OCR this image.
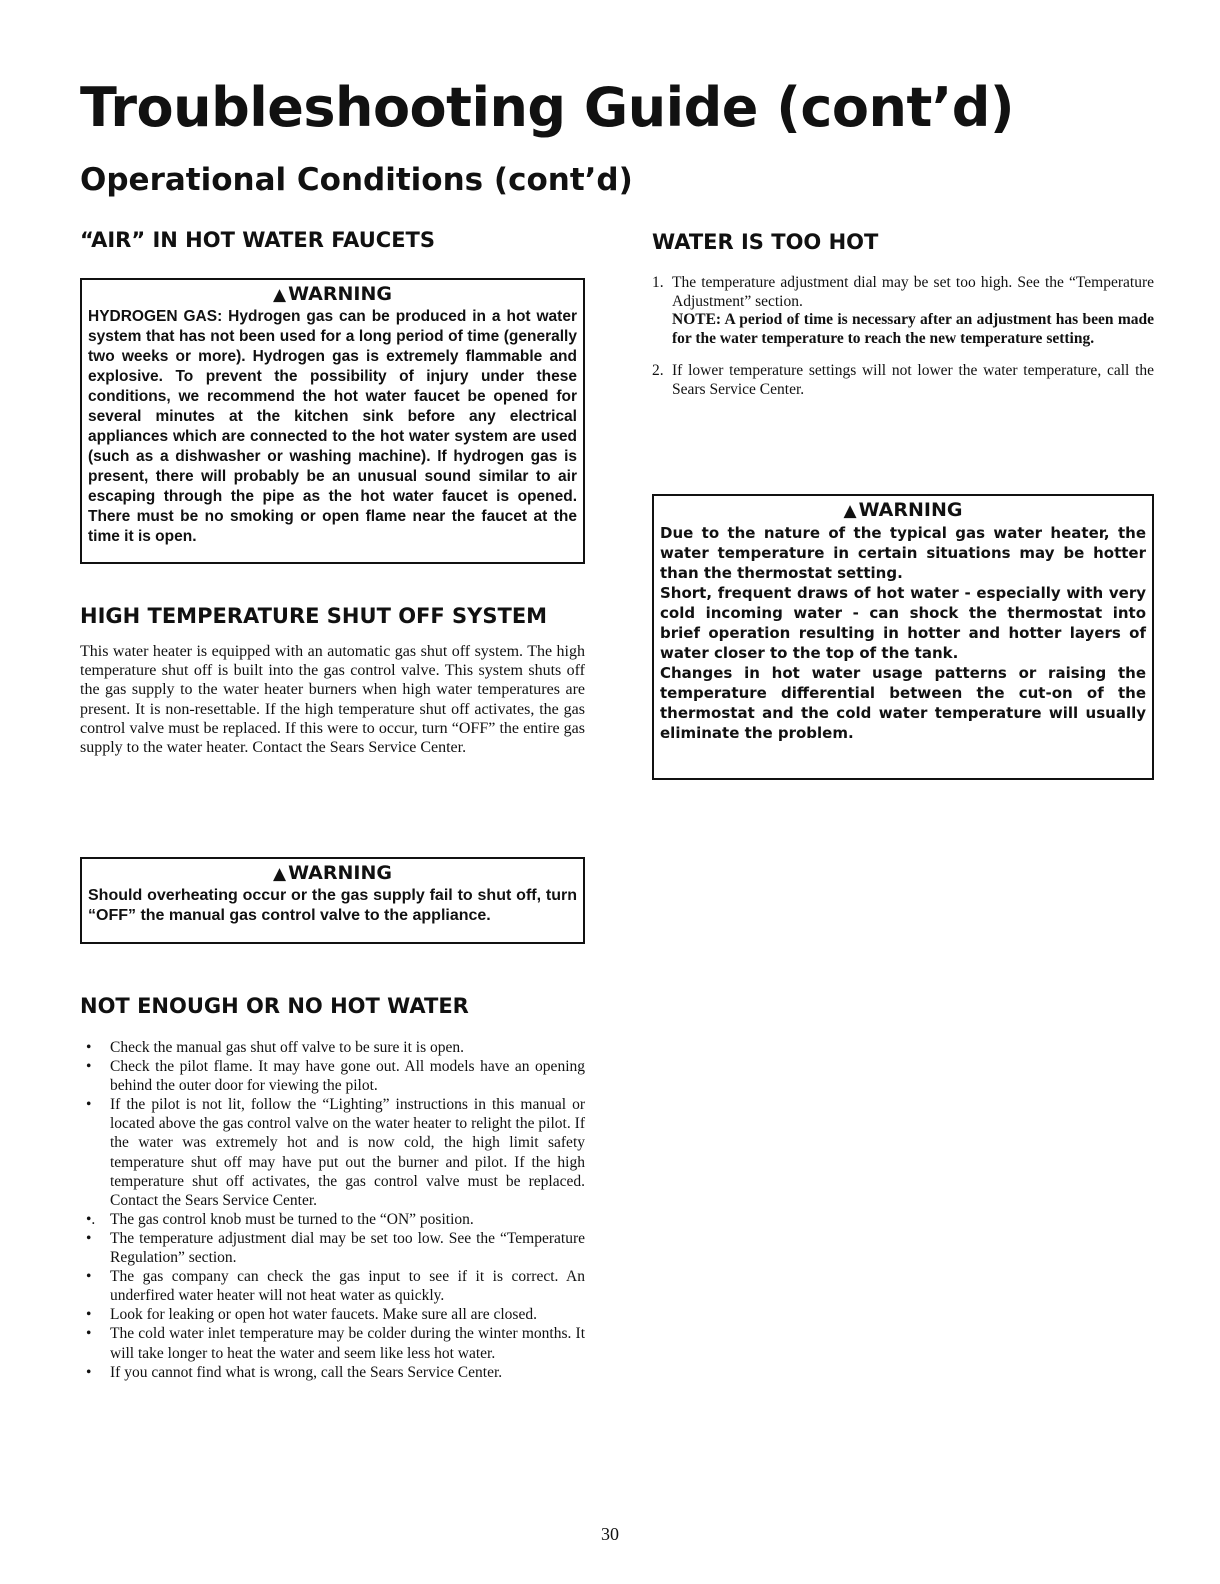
Troubleshooting Guide (cont’d)
Operational Conditions (cont’d)
“AIR” IN HOT WATER FAUCETS
▲ WARNING

HYDROGEN GAS: Hydrogen gas can be produced in a hot water system that has not been used for a long period of time (generally two weeks or more). Hydrogen gas is extremely flammable and explosive. To prevent the possibility of injury under these conditions, we recommend the hot water faucet be opened for several minutes at the kitchen sink before any electrical appliances which are connected to the hot water system are used (such as a dishwasher or washing machine). If hydrogen gas is present, there will probably be an unusual sound similar to air escaping through the pipe as the hot water faucet is opened. There must be no smoking or open flame near the faucet at the time it is open.

HIGH TEMPERATURE SHUT OFF SYSTEM

This water heater is equipped with an automatic gas shut off system. The high temperature shut off is built into the gas control valve. This system shuts off the gas supply to the water heater burners when high water temperatures are present. It is non-resettable. If the high temperature shut off activates, the gas control valve must be replaced. If this were to occur, turn “OFF” the entire gas supply to the water heater. Contact the Sears Service Center.

▲ WARNING

Should overheating occur or the gas supply fail to shut off, turn “OFF” the manual gas control valve to the appliance.

NOT ENOUGH OR NO HOT WATER
•	Check the manual gas shut off valve to be sure it is open.
•	Check the pilot flame. It may have gone out. All models have an opening behind the outer door for viewing the pilot.
•	If the pilot is not lit, follow the “Lighting” instructions in this manual or located above the gas control valve on the water heater to relight the pilot. If the water was extremely hot and is now cold, the high limit safety temperature shut off may have put out the burner and pilot. If the high temperature shut off activates, the gas control valve must be replaced. Contact the Sears Service Center.
•. The gas control knob must be turned to the “ON” position.
•	The temperature adjustment dial may be set too low. See the “Temperature Regulation” section.
•	The gas company can check the gas input to see if it is correct. An underfired water heater will not heat water as quickly.
•	Look for leaking or open hot water faucets. Make sure all are closed.
•	The cold water inlet temperature may be colder during the winter months. It will take longer to heat the water and seem like less hot water.
•	If you cannot find what is wrong, call the Sears Service Center.
WATER IS TOO HOT
1. The temperature adjustment dial may be set too high. See the “Temperature Adjustment” section.
NOTE: A period of time is necessary after an adjustment has been made for the water temperature to reach the new temperature setting.
2. If lower temperature settings will not lower the water temperature, call the Sears Service Center.
▲ WARNING

Due to the nature of the typical gas water heater, the water temperature in certain situations may be hotter than the thermostat setting.

Short, frequent draws of hot water - especially with very cold incoming water - can shock the thermostat into brief operation resulting in hotter and hotter layers of water closer to the top of the tank.

Changes in hot water usage patterns or raising the temperature differential between the cut-on of the thermostat and the cold water temperature will usually eliminate the problem.

30
